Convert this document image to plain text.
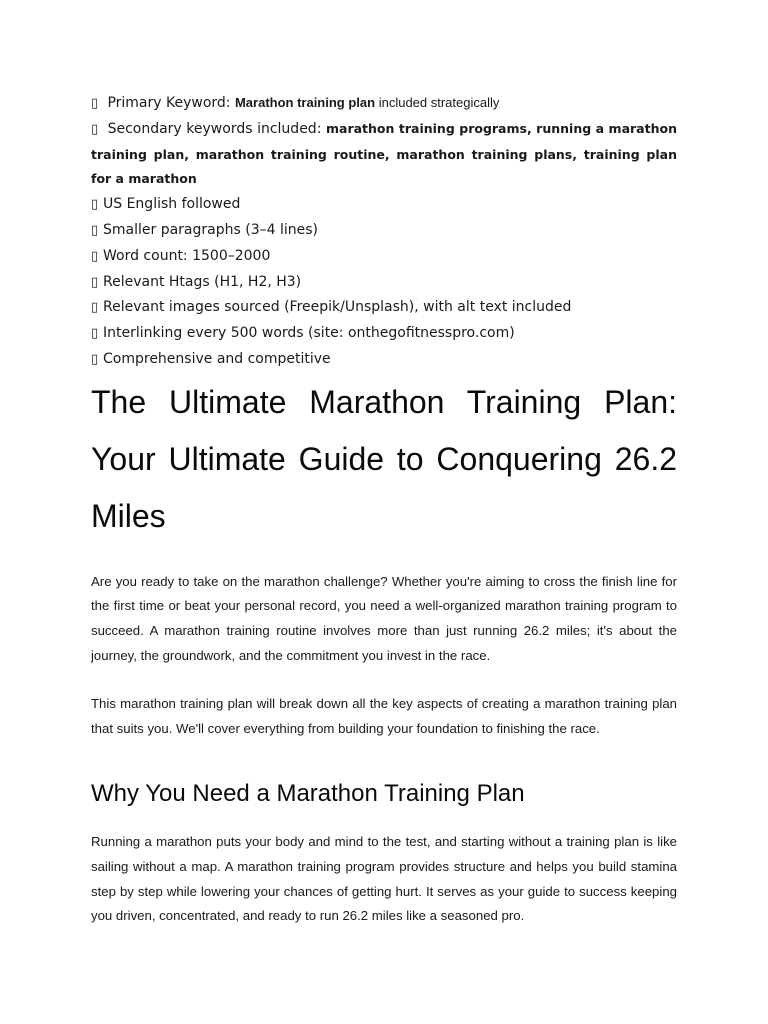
▯ Primary Keyword: Marathon training plan included strategically
▯ Secondary keywords included: marathon training programs, running a marathon training plan, marathon training routine, marathon training plans, training plan for a marathon
▯ US English followed
▯ Smaller paragraphs (3–4 lines)
▯ Word count: 1500–2000
▯ Relevant Htags (H1, H2, H3)
▯ Relevant images sourced (Freepik/Unsplash), with alt text included
▯ Interlinking every 500 words (site: onthegofitnesspro.com)
▯ Comprehensive and competitive
The Ultimate Marathon Training Plan: Your Ultimate Guide to Conquering 26.2 Miles

Are you ready to take on the marathon challenge? Whether you're aiming to cross the finish line for the first time or beat your personal record, you need a well-organized marathon training program to succeed. A marathon training routine involves more than just running 26.2 miles; it's about the journey, the groundwork, and the commitment you invest in the race.

This marathon training plan will break down all the key aspects of creating a marathon training plan that suits you. We'll cover everything from building your foundation to finishing the race.

Why You Need a Marathon Training Plan

Running a marathon puts your body and mind to the test, and starting without a training plan is like sailing without a map. A marathon training program provides structure and helps you build stamina step by step while lowering your chances of getting hurt. It serves as your guide to success keeping you driven, concentrated, and ready to run 26.2 miles like a seasoned pro.
